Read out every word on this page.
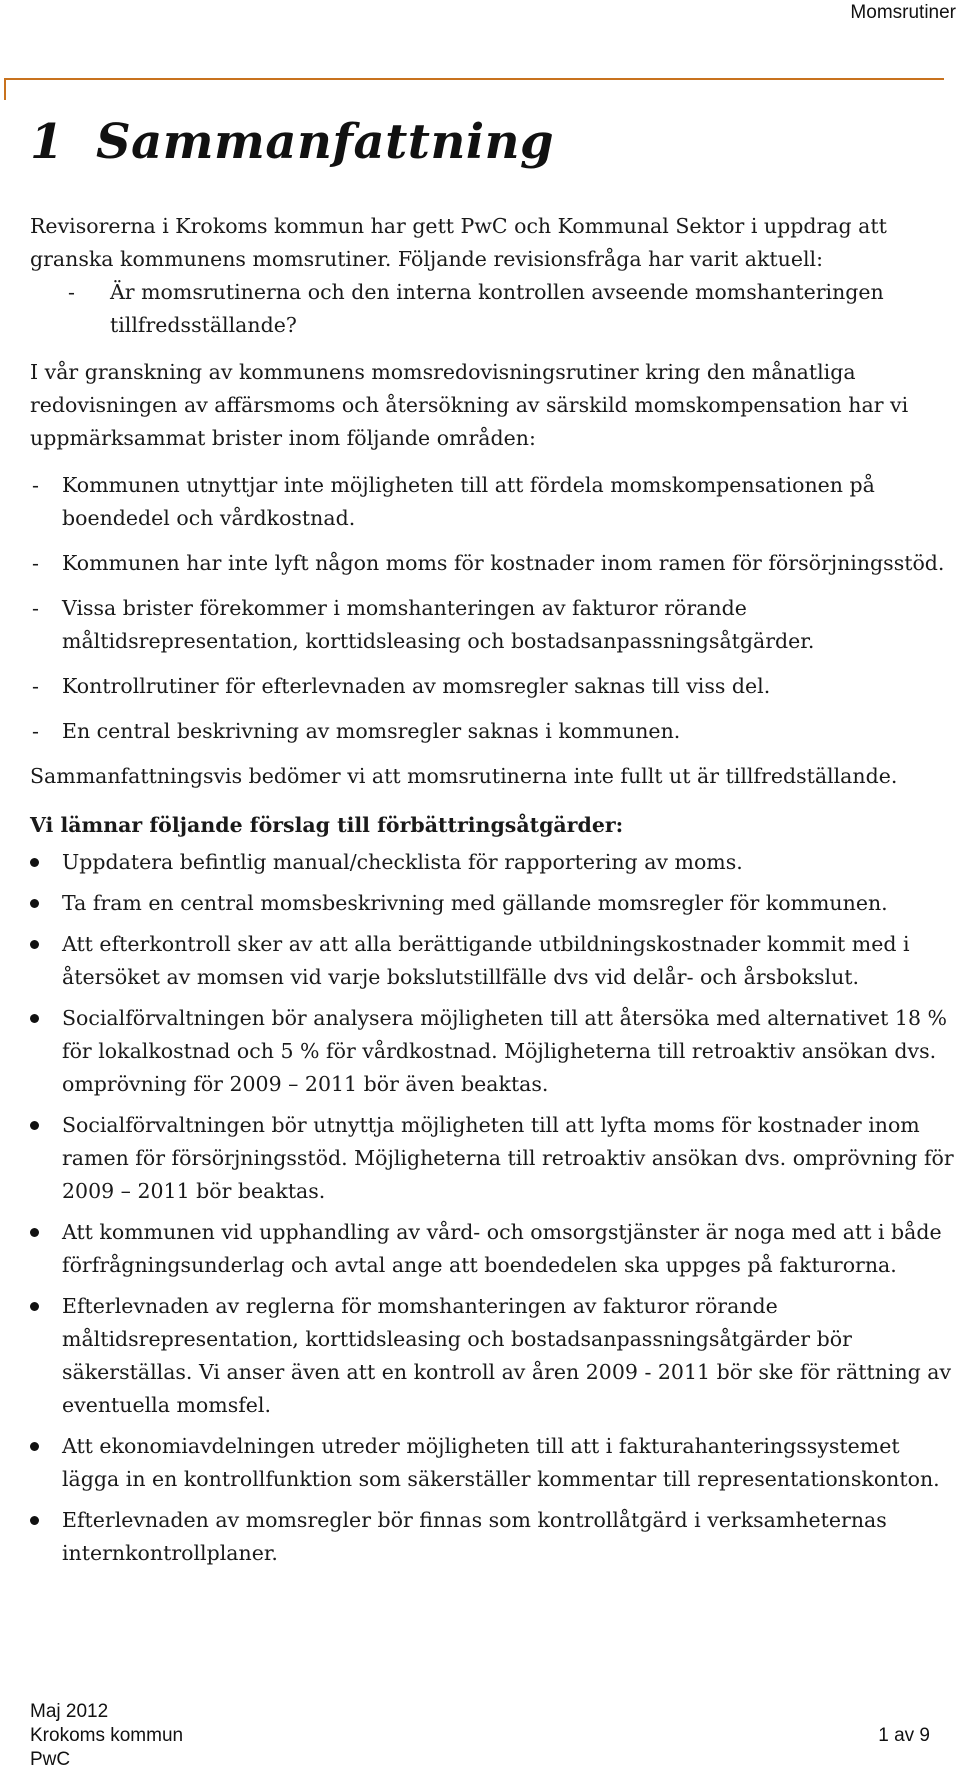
Momsrutiner
1 Sammanfattning

Revisorerna i Krokoms kommun har gett PwC och Kommunal Sektor i uppdrag att granska kommunens momsrutiner. Följande revisionsfråga har varit aktuell:

- Är momsrutinerna och den interna kontrollen avseende momshanteringen tillfredsställande?

I vår granskning av kommunens momsredovisningsrutiner kring den månatliga redovisningen av affärsmoms och återsökning av särskild momskompensation har vi uppmärksammat brister inom följande områden:

- Kommunen utnyttjar inte möjligheten till att fördela momskompensationen på boendedel och vårdkostnad.
- Kommunen har inte lyft någon moms för kostnader inom ramen för försörjningsstöd.
- Vissa brister förekommer i momshanteringen av fakturor rörande måltidsrepresentation, korttidsleasing och bostadsanpassningsåtgärder.
- Kontrollrutiner för efterlevnaden av momsregler saknas till viss del.
- En central beskrivning av momsregler saknas i kommunen.

Sammanfattningsvis bedömer vi att momsrutinerna inte fullt ut är tillfredställande.

Vi lämnar följande förslag till förbättringsåtgärder:
Uppdatera befintlig manual/checklista för rapportering av moms.
Ta fram en central momsbeskrivning med gällande momsregler för kommunen.
Att efterkontroll sker av att alla berättigande utbildningskostnader kommit med i återsöket av momsen vid varje bokslutstillfälle dvs vid delår- och årsbokslut.
Socialförvaltningen bör analysera möjligheten till att återsöka med alternativet 18 % för lokalkostnad och 5 % för vårdkostnad. Möjligheterna till retroaktiv ansökan dvs. omprövning för 2009 – 2011 bör även beaktas.
Socialförvaltningen bör utnyttja möjligheten till att lyfta moms för kostnader inom ramen för försörjningsstöd. Möjligheterna till retroaktiv ansökan dvs. omprövning för 2009 – 2011 bör beaktas.
Att kommunen vid upphandling av vård- och omsorgstjänster är noga med att i både förfrågningsunderlag och avtal ange att boendedelen ska uppges på fakturorna.
Efterlevnaden av reglerna för momshanteringen av fakturor rörande måltidsrepresentation, korttidsleasing och bostadsanpassningsåtgärder bör säkerställas. Vi anser även att en kontroll av åren 2009 - 2011 bör ske för rättning av eventuella momsfel.
Att ekonomiavdelningen utreder möjligheten till att i fakturahanteringssystemet lägga in en kontrollfunktion som säkerställer kommentar till representationskonton.
Efterlevnaden av momsregler bör finnas som kontrollåtgärd i verksamheternas internkontrollplaner.
Maj 2012
Krokoms kommun
PwC
1 av 9
